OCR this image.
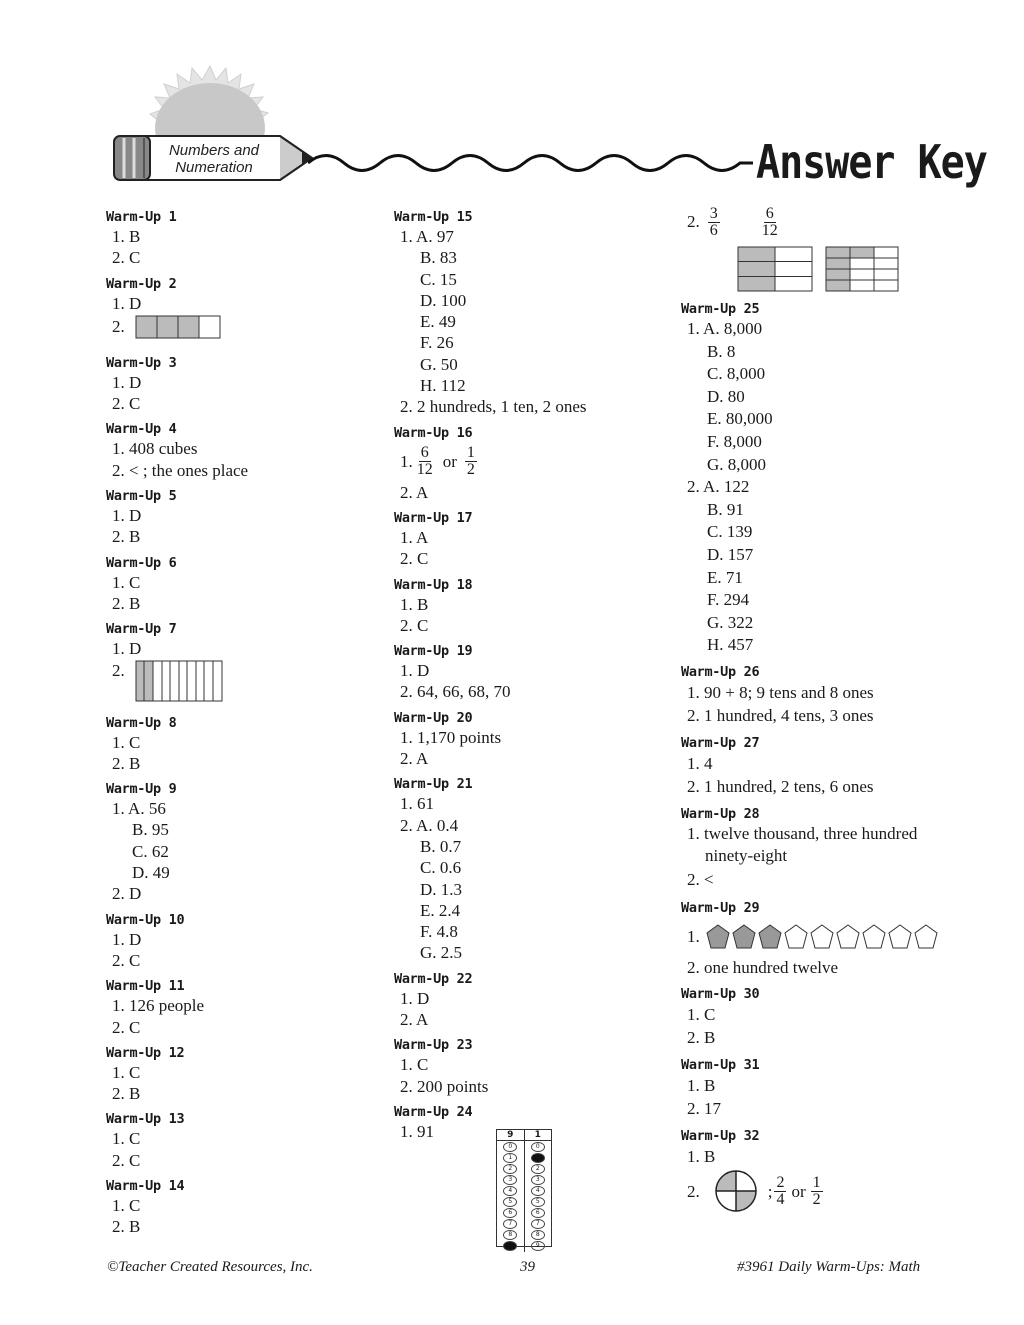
Numbers and
Numeration	Answer Key
Warm-Up 1
1. B
2. C
Warm-Up 2
1. D
2.
Warm-Up 3
1. D
2. C
Warm-Up 4
1. 408 cubes
2. < ; the ones place
Warm-Up 5
1. D
2. B
Warm-Up 6
1. C
2. B
Warm-Up 7
1. D
2.
Warm-Up 8
1. C
2. B
Warm-Up 9
1. A. 56
B. 95
C. 62
D. 49
2. D
Warm-Up 10
1. D
2. C
Warm-Up 11
1. 126 people
2. C
Warm-Up 12
1. C
2. B
Warm-Up 13
1. C
2. C
Warm-Up 14
1. C
2. B
Warm-Up 15
1. A. 97
B. 83
C. 15
D. 100
E. 49
F. 26
G. 50
H. 112
2. 2 hundreds, 1 ten, 2 ones
Warm-Up 16
1. $\frac{6}{12}$ or $\frac{1}{2}$
2. A
Warm-Up 17
1. A
2. C
Warm-Up 18
1. B
2. C
Warm-Up 19
1. D
2. 64, 66, 68, 70
Warm-Up 20
1. 1,170 points
2. A
Warm-Up 21
1. 61
2. A. 0.4
B. 0.7
C. 0.6
D. 1.3
E. 2.4
F. 4.8
G. 2.5
Warm-Up 22
1. D
2. A
Warm-Up 23
1. C
2. 200 points
Warm-Up 24
1. 91	9	1
0
1
2
3
4
5
6
7
8
0
2
3
4
5
6
7
8
9
2. $\frac{3}{6}$	$\frac{6}{12}$
Warm-Up 25
1. A. 8,000
B. 8
C. 8,000
D. 80
E. 80,000
F. 8,000
G. 8,000
2. A. 122
B. 91
C. 139
D. 157
E. 71
F. 294
G. 322
H. 457
Warm-Up 26
1. 90 + 8; 9 tens and 8 ones
2. 1 hundred, 4 tens, 3 ones
Warm-Up 27
1. 4
2. 1 hundred, 2 tens, 6 ones
Warm-Up 28
1. twelve thousand, three hundred
ninety-eight
2. <
Warm-Up 29
1.
2. one hundred twelve
Warm-Up 30
1. C
2. B
Warm-Up 31
1. B
2. 17
Warm-Up 32
1. B
2.	; $\frac{2}{4}$ or $\frac{1}{2}$
©Teacher Created Resources, Inc.	39	#3961 Daily Warm-Ups: Math
